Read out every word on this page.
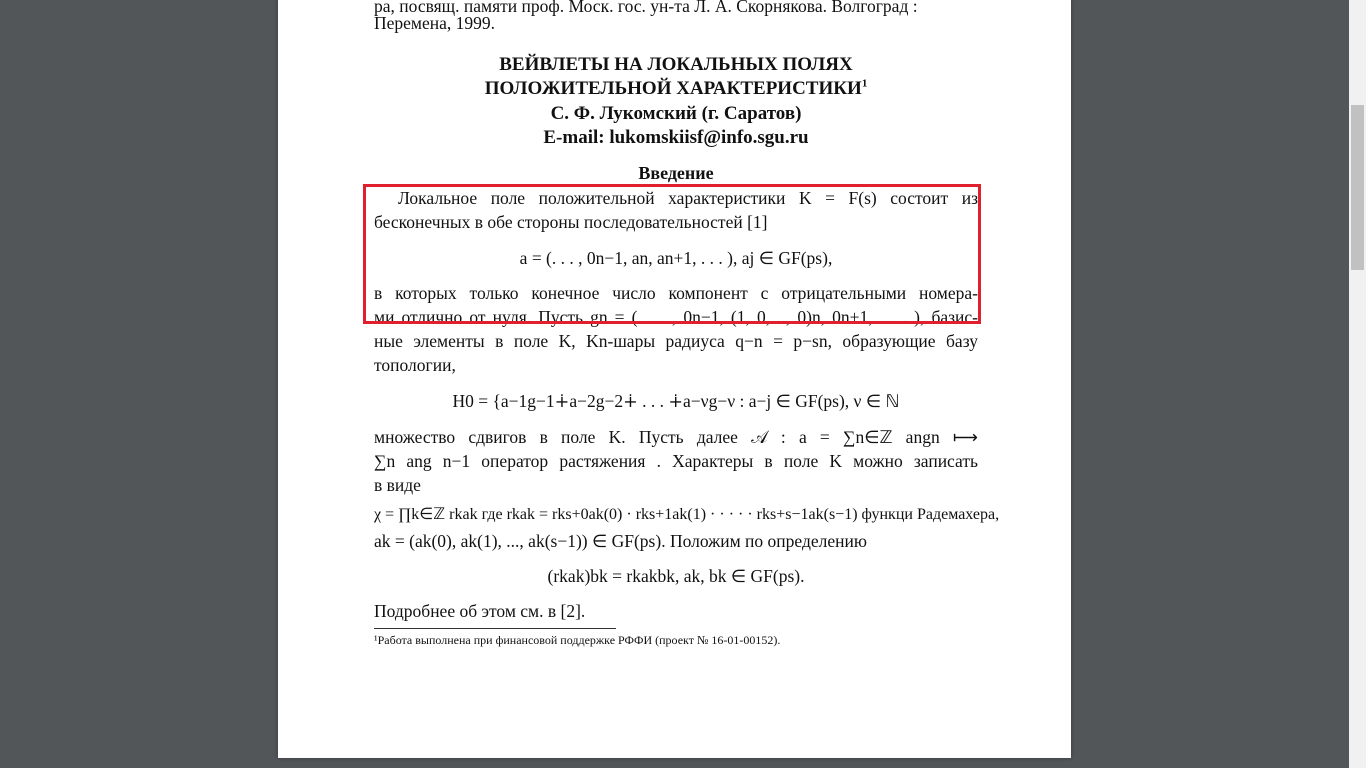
ра, посвящ. памяти проф. Моск. гос. ун-та Л. А. Скорнякова. Волгоград :
Перемена, 1999.
ВЕЙВЛЕТЫ НА ЛОКАЛЬНЫХ ПОЛЯХ
ПОЛОЖИТЕЛЬНОЙ ХАРАКТЕРИСТИКИ$^1$
С. Ф. Лукомский (г. Саратов)
E-mail: lukomskiisf@info.sgu.ru
Введение
Локальное поле положительной характеристики K = F(s) состоит из
бесконечных в обе стороны последовательностей [1]
a = (. . . , 0n−1, an, an+1, . . . ), aj ∈ GF(ps),
в которых только конечное число компонент с отрицательными номера-
ми отлично от нуля. Пусть gn = (. . . , 0n−1, (1, 0, .., 0)n, 0n+1, . . . ), базис-
ные элементы в поле K, Kn-шары радиуса q−n = p−sn, образующие базу
топологии,
H0 = {a−1g−1∔a−2g−2∔ . . . ∔a−νg−ν : a−j ∈ GF(ps), ν ∈ ℕ
множество сдвигов в поле K. Пусть далее 𝒜 : a = ∑n∈ℤ angn ⟼
∑n ang n−1 оператор растяжения . Характеры в поле K можно записать
в виде
χ = ∏k∈ℤ rkak где rkak = rks+0ak(0) · rks+1ak(1) · · · · · rks+s−1ak(s−1) функци Радемахера,
ak = (ak(0), ak(1), ..., ak(s−1)) ∈ GF(ps). Положим по определению
(rkak)bk = rkakbk, ak, bk ∈ GF(ps).
Подробнее об этом см. в [2].
¹Работа выполнена при финансовой поддержке РФФИ (проект № 16-01-00152).
